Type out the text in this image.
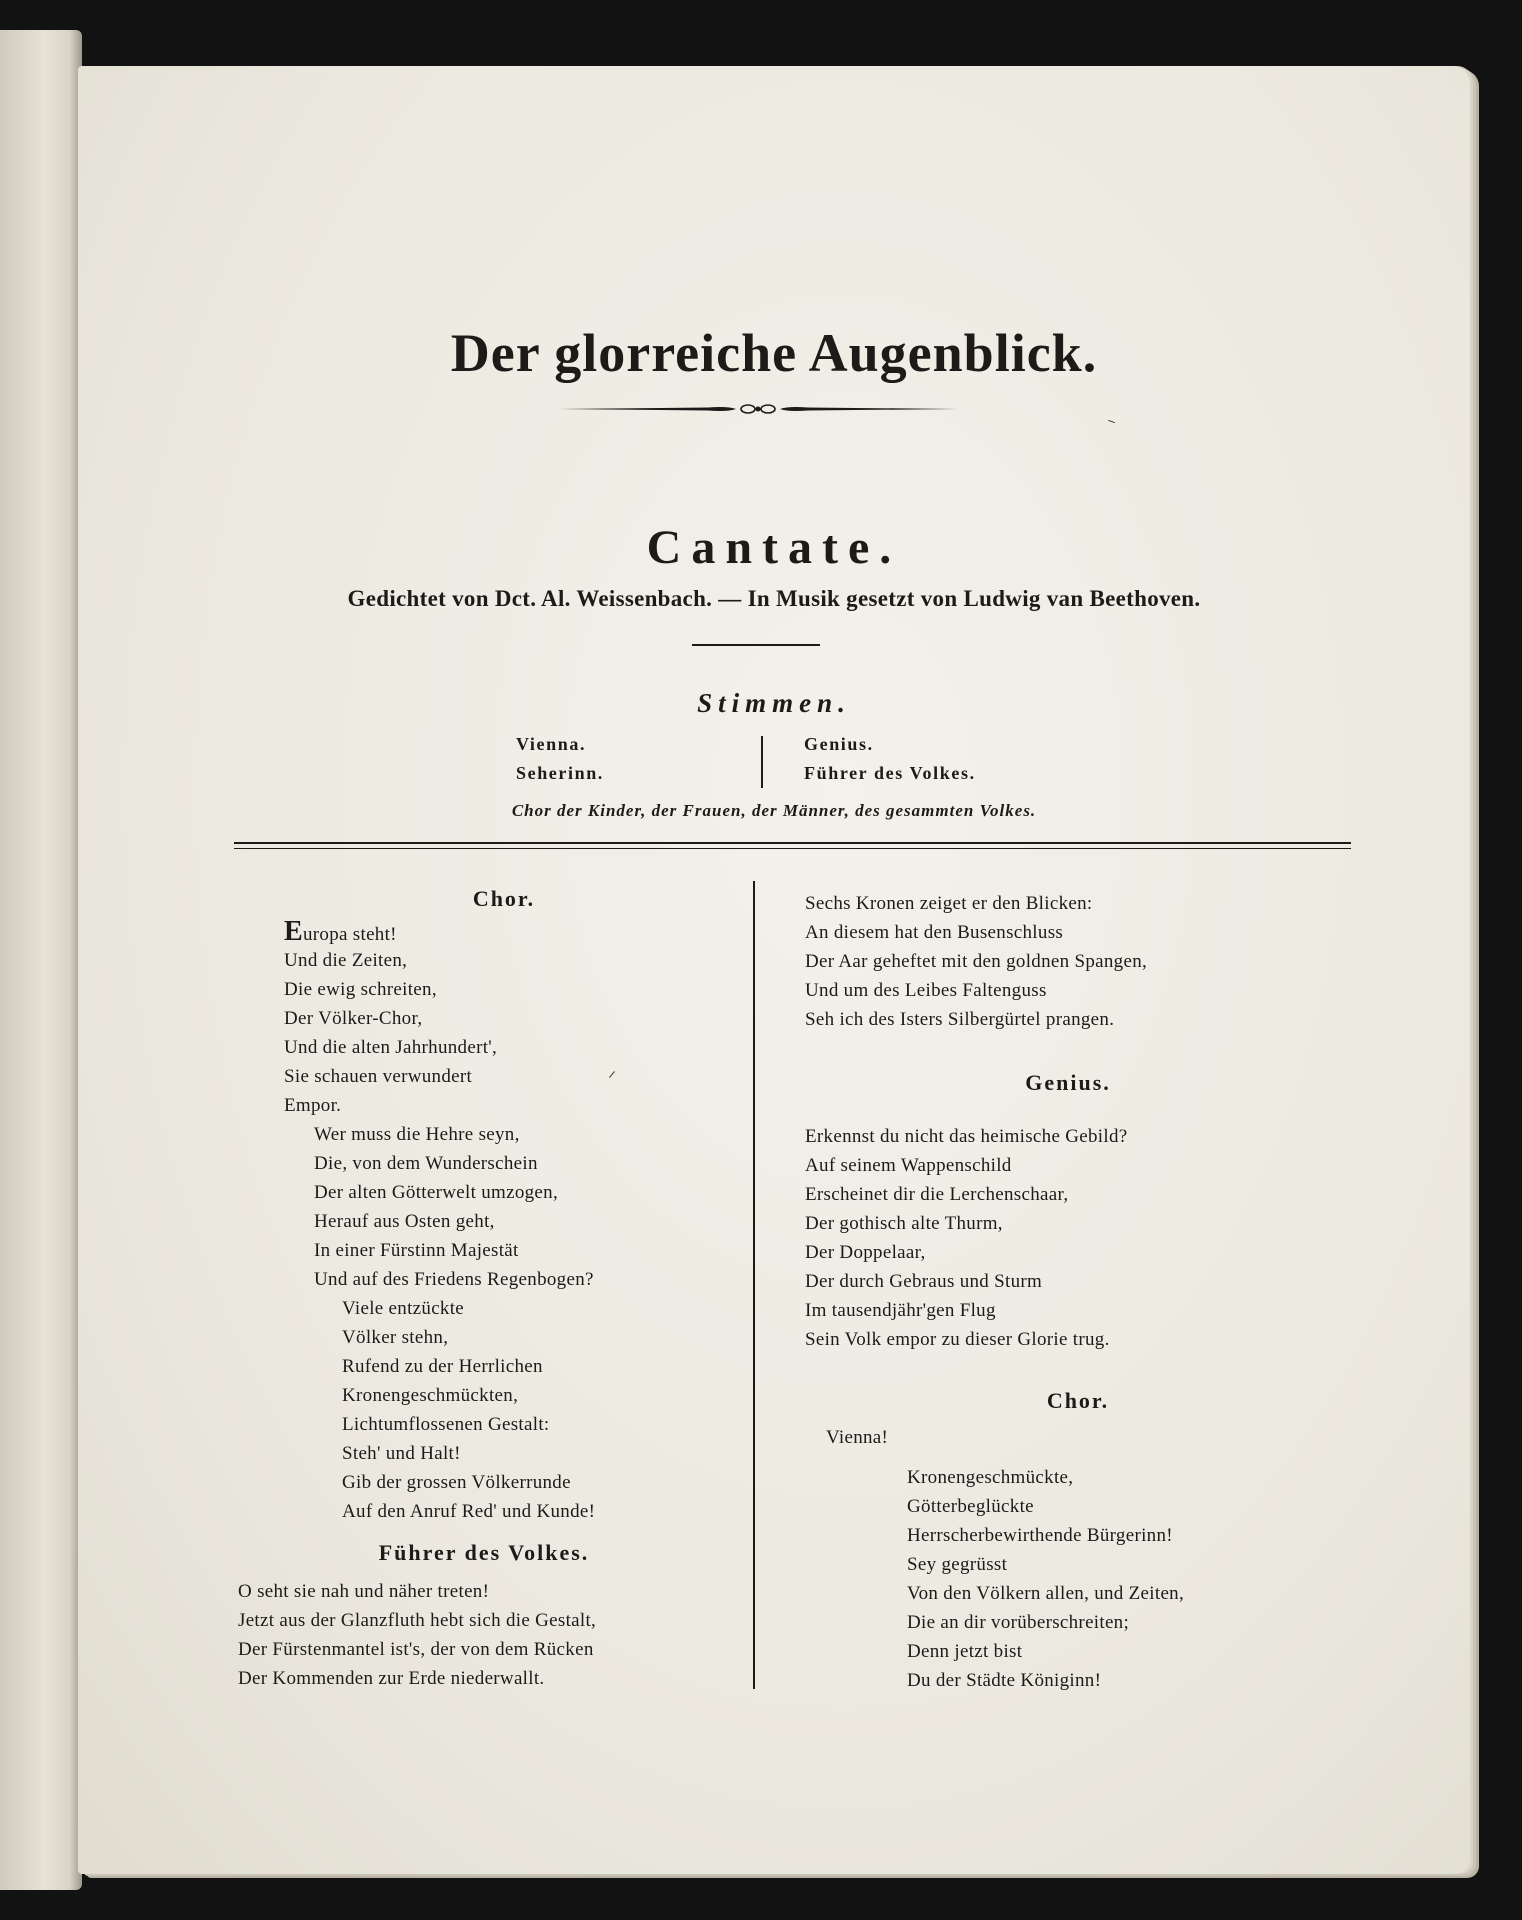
Der glorreiche Augenblick.
Cantate.
Gedichtet von Dct. Al. Weissenbach. — In Musik gesetzt von Ludwig van Beethoven.
Stimmen.
Vienna.
Seherinn.
Genius.
Führer des Volkes.
Chor der Kinder, der Frauen, der Männer, des gesammten Volkes.
Chor.
Europa steht!
Und die Zeiten,
Die ewig schreiten,
Der Völker-Chor,
Und die alten Jahrhundert',
Sie schauen verwundert
Empor.
Wer muss die Hehre seyn,
Die, von dem Wunderschein
Der alten Götterwelt umzogen,
Herauf aus Osten geht,
In einer Fürstinn Majestät
Und auf des Friedens Regenbogen?
Viele entzückte
Völker stehn,
Rufend zu der Herrlichen
Kronengeschmückten,
Lichtumflossenen Gestalt:
Steh' und Halt!
Gib der grossen Völkerrunde
Auf den Anruf Red' und Kunde!
Führer des Volkes.
O seht sie nah und näher treten!
Jetzt aus der Glanzfluth hebt sich die Gestalt,
Der Fürstenmantel ist's, der von dem Rücken
Der Kommenden zur Erde niederwallt.
Sechs Kronen zeiget er den Blicken:
An diesem hat den Busenschluss
Der Aar geheftet mit den goldnen Spangen,
Und um des Leibes Faltenguss
Seh ich des Isters Silbergürtel prangen.
Genius.
Erkennst du nicht das heimische Gebild?
Auf seinem Wappenschild
Erscheinet dir die Lerchenschaar,
Der gothisch alte Thurm,
Der Doppelaar,
Der durch Gebraus und Sturm
Im tausendjähr'gen Flug
Sein Volk empor zu dieser Glorie trug.
Chor.
Vienna!
Kronengeschmückte,
Götterbeglückte
Herrscherbewirthende Bürgerinn!
Sey gegrüsst
Von den Völkern allen, und Zeiten,
Die an dir vorüberschreiten;
Denn jetzt bist
Du der Städte Königinn!
